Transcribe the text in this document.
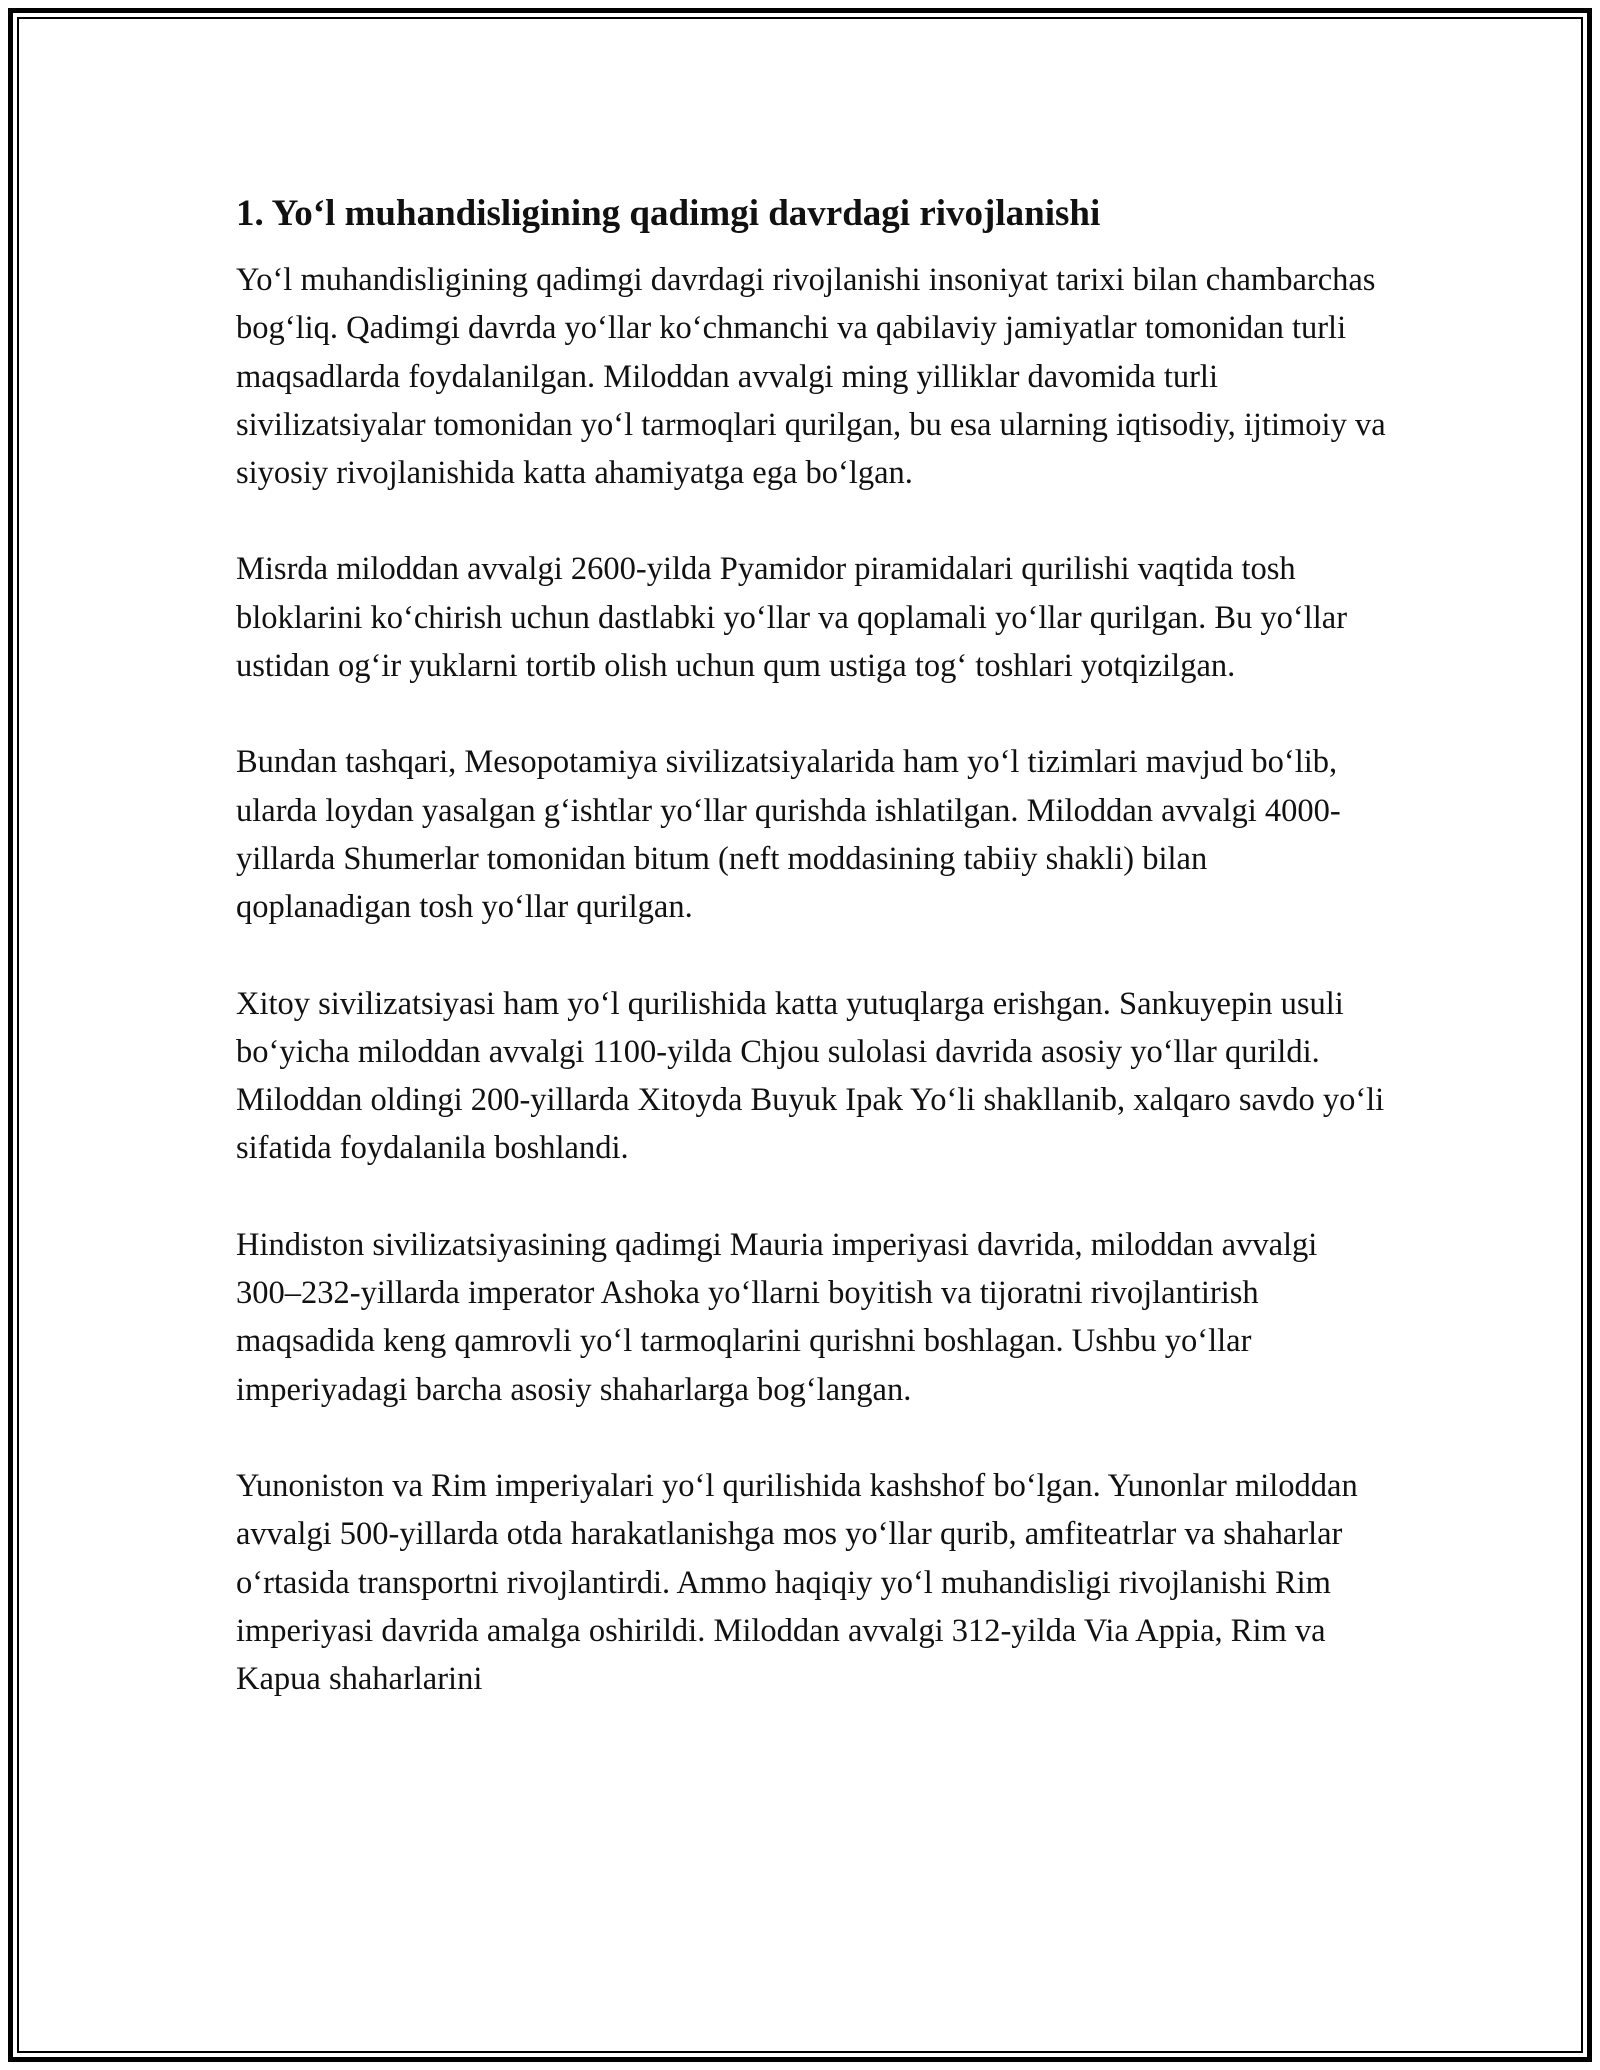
1. Yo‘l muhandisligining qadimgi davrdagi rivojlanishi

Yo‘l muhandisligining qadimgi davrdagi rivojlanishi insoniyat tarixi bilan chambarchas bog‘liq. Qadimgi davrda yo‘llar ko‘chmanchi va qabilaviy jamiyatlar tomonidan turli maqsadlarda foydalanilgan. Miloddan avvalgi ming yilliklar davomida turli sivilizatsiyalar tomonidan yo‘l tarmoqlari qurilgan, bu esa ularning iqtisodiy, ijtimoiy va siyosiy rivojlanishida katta ahamiyatga ega bo‘lgan.

Misrda miloddan avvalgi 2600-yilda Pyamidor piramidalari qurilishi vaqtida tosh bloklarini ko‘chirish uchun dastlabki yo‘llar va qoplamali yo‘llar qurilgan. Bu yo‘llar ustidan og‘ir yuklarni tortib olish uchun qum ustiga tog‘ toshlari yotqizilgan.

Bundan tashqari, Mesopotamiya sivilizatsiyalarida ham yo‘l tizimlari mavjud bo‘lib, ularda loydan yasalgan g‘ishtlar yo‘llar qurishda ishlatilgan. Miloddan avvalgi 4000-yillarda Shumerlar tomonidan bitum (neft moddasining tabiiy shakli) bilan qoplanadigan tosh yo‘llar qurilgan.

Xitoy sivilizatsiyasi ham yo‘l qurilishida katta yutuqlarga erishgan. Sankuyepin usuli bo‘yicha miloddan avvalgi 1100-yilda Chjou sulolasi davrida asosiy yo‘llar qurildi. Miloddan oldingi 200-yillarda Xitoyda Buyuk Ipak Yo‘li shakllanib, xalqaro savdo yo‘li sifatida foydalanila boshlandi.

Hindiston sivilizatsiyasining qadimgi Mauria imperiyasi davrida, miloddan avvalgi 300–232-yillarda imperator Ashoka yo‘llarni boyitish va tijoratni rivojlantirish maqsadida keng qamrovli yo‘l tarmoqlarini qurishni boshlagan. Ushbu yo‘llar imperiyadagi barcha asosiy shaharlarga bog‘langan.

Yunoniston va Rim imperiyalari yo‘l qurilishida kashshof bo‘lgan. Yunonlar miloddan avvalgi 500-yillarda otda harakatlanishga mos yo‘llar qurib, amfiteatrlar va shaharlar o‘rtasida transportni rivojlantirdi. Ammo haqiqiy yo‘l muhandisligi rivojlanishi Rim imperiyasi davrida amalga oshirildi. Miloddan avvalgi 312-yilda Via Appia, Rim va Kapua shaharlarini
